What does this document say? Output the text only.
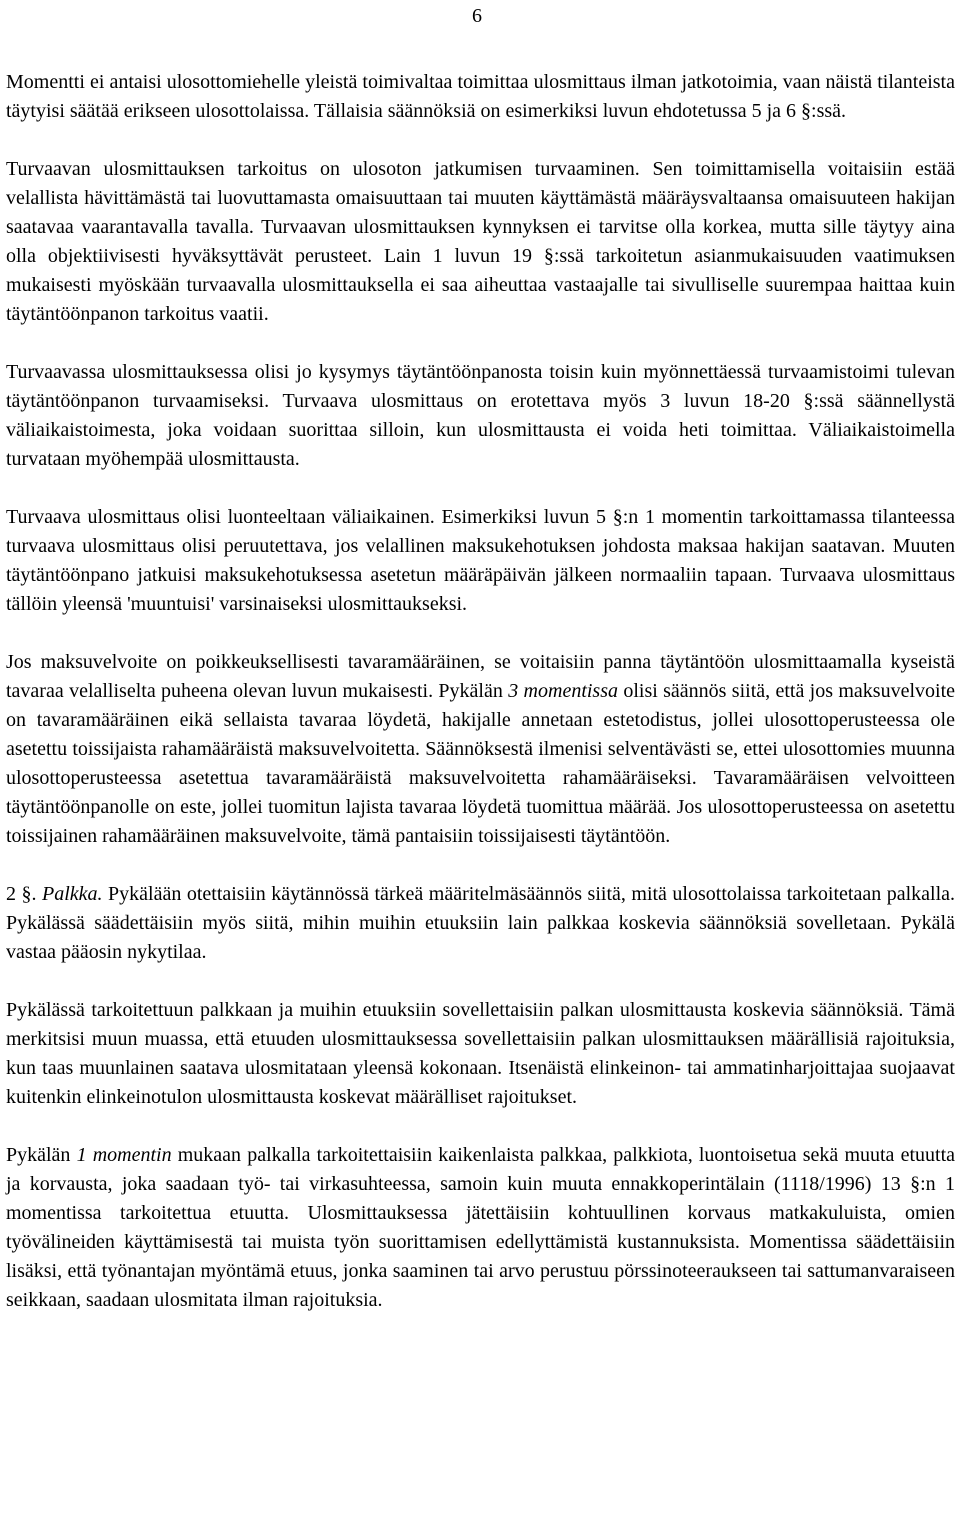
6

Momentti ei antaisi ulosottomiehelle yleistä toimivaltaa toimittaa ulosmittaus ilman jatkotoimia, vaan näistä tilanteista täytyisi säätää erikseen ulosottolaissa. Tällaisia säännöksiä on esimerkiksi luvun ehdotetussa 5 ja 6 §:ssä.

Turvaavan ulosmittauksen tarkoitus on ulosoton jatkumisen turvaaminen. Sen toimittamisella voitaisiin estää velallista hävittämästä tai luovuttamasta omaisuuttaan tai muuten käyttämästä määräysvaltaansa omaisuuteen hakijan saatavaa vaarantavalla tavalla. Turvaavan ulosmittauksen kynnyksen ei tarvitse olla korkea, mutta sille täytyy aina olla objektiivisesti hyväksyttävät perusteet. Lain 1 luvun 19 §:ssä tarkoitetun asianmukaisuuden vaatimuksen mukaisesti myöskään turvaavalla ulosmittauksella ei saa aiheuttaa vastaajalle tai sivulliselle suurempaa haittaa kuin täytäntöönpanon tarkoitus vaatii.

Turvaavassa ulosmittauksessa olisi jo kysymys täytäntöönpanosta toisin kuin myönnettäessä turvaamistoimi tulevan täytäntöönpanon turvaamiseksi. Turvaava ulosmittaus on erotettava myös 3 luvun 18-20 §:ssä säännellystä väliaikaistoimesta, joka voidaan suorittaa silloin, kun ulosmittausta ei voida heti toimittaa. Väliaikaistoimella turvataan myöhempää ulosmittausta.

Turvaava ulosmittaus olisi luonteeltaan väliaikainen. Esimerkiksi luvun 5 §:n 1 momentin tarkoittamassa tilanteessa turvaava ulosmittaus olisi peruutettava, jos velallinen maksukehotuksen johdosta maksaa hakijan saatavan. Muuten täytäntöönpano jatkuisi maksukehotuksessa asetetun määräpäivän jälkeen normaaliin tapaan. Turvaava ulosmittaus tällöin yleensä 'muuntuisi' varsinaiseksi ulosmittaukseksi.

Jos maksuvelvoite on poikkeuksellisesti tavaramääräinen, se voitaisiin panna täytäntöön ulosmittaamalla kyseistä tavaraa velalliselta puheena olevan luvun mukaisesti. Pykälän 3 momentissa olisi säännös siitä, että jos maksuvelvoite on tavaramääräinen eikä sellaista tavaraa löydetä, hakijalle annetaan estetodistus, jollei ulosottoperusteessa ole asetettu toissijaista rahamääräistä maksuvelvoitetta. Säännöksestä ilmenisi selventävästi se, ettei ulosottomies muunna ulosottoperusteessa asetettua tavaramääräistä maksuvelvoitetta rahamääräiseksi. Tavaramääräisen velvoitteen täytäntöönpanolle on este, jollei tuomitun lajista tavaraa löydetä tuomittua määrää. Jos ulosottoperusteessa on asetettu toissijainen rahamääräinen maksuvelvoite, tämä pantaisiin toissijaisesti täytäntöön.

2 §. Palkka. Pykälään otettaisiin käytännössä tärkeä määritelmäsäännös siitä, mitä ulosottolaissa tarkoitetaan palkalla. Pykälässä säädettäisiin myös siitä, mihin muihin etuuksiin lain palkkaa koskevia säännöksiä sovelletaan. Pykälä vastaa pääosin nykytilaa.

Pykälässä tarkoitettuun palkkaan ja muihin etuuksiin sovellettaisiin palkan ulosmittausta koskevia säännöksiä. Tämä merkitsisi muun muassa, että etuuden ulosmittauksessa sovellettaisiin palkan ulosmittauksen määrällisiä rajoituksia, kun taas muunlainen saatava ulosmitataan yleensä kokonaan. Itsenäistä elinkeinon- tai ammatinharjoittajaa suojaavat kuitenkin elinkeinotulon ulosmittausta koskevat määrälliset rajoitukset.

Pykälän 1 momentin mukaan palkalla tarkoitettaisiin kaikenlaista palkkaa, palkkiota, luontoisetua sekä muuta etuutta ja korvausta, joka saadaan työ- tai virkasuhteessa, samoin kuin muuta ennakkoperintälain (1118/1996) 13 §:n 1 momentissa tarkoitettua etuutta. Ulosmittauksessa jätettäisiin kohtuullinen korvaus matkakuluista, omien työvälineiden käyttämisestä tai muista työn suorittamisen edellyttämistä kustannuksista. Momentissa säädettäisiin lisäksi, että työnantajan myöntämä etuus, jonka saaminen tai arvo perustuu pörssinoteeraukseen tai sattumanvaraiseen seikkaan, saadaan ulosmitata ilman rajoituksia.
